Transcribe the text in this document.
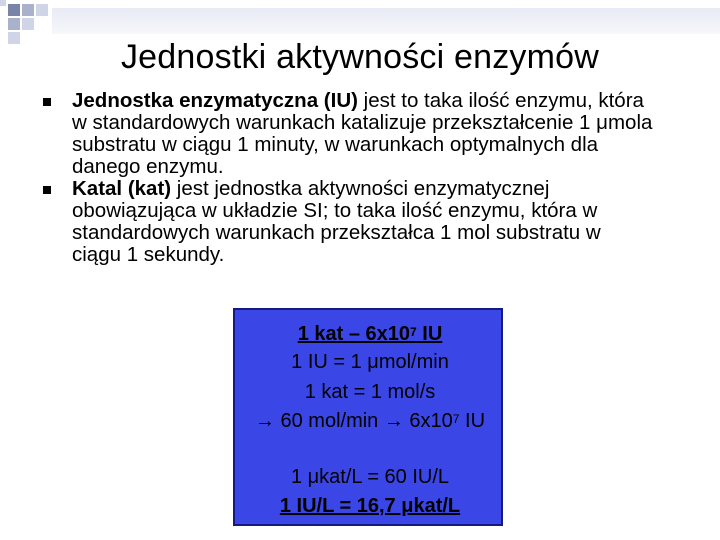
Jednostki aktywności enzymów
Jednostka enzymatyczna (IU) jest to taka ilość enzymu, która
w standardowych warunkach katalizuje przekształcenie 1 μmola
substratu w ciągu 1 minuty, w warunkach optymalnych dla
danego enzymu.
Katal (kat) jest jednostka aktywności enzymatycznej
obowiązująca w układzie SI; to taka ilość enzymu, która w
standardowych warunkach przekształca 1 mol substratu w
ciągu 1 sekundy.
1 kat – $6x10^7$ IU
1 IU = 1 μmol/min
1 kat = 1 mol/s
→ 60 $mol/\min \to 6x10^7$ IU
1 μkat/L = 60 IU/L
1 IU/L = 16,7 μkat/L
